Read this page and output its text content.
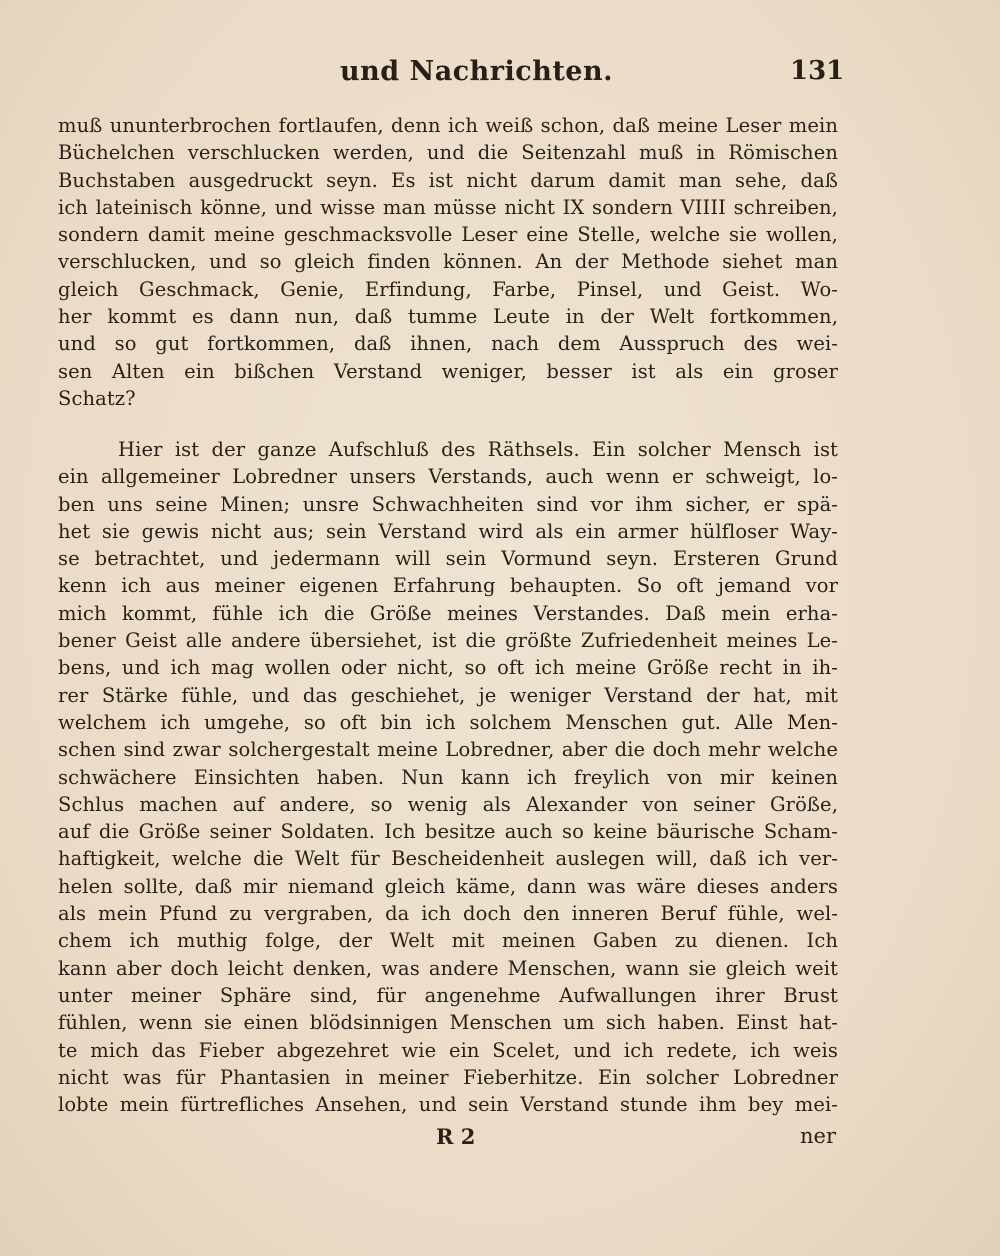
und Nachrichten.	131
muß ununterbrochen fortlaufen, denn ich weiß schon, daß meine Leser mein
Büchelchen verschlucken werden, und die Seitenzahl muß in Römischen
Buchstaben ausgedruckt seyn. Es ist nicht darum damit man sehe, daß
ich lateinisch könne, und wisse man müsse nicht IX sondern VIIII schreiben,
sondern damit meine geschmacksvolle Leser eine Stelle, welche sie wollen,
verschlucken, und so gleich finden können. An der Methode siehet man
gleich Geschmack, Genie, Erfindung, Farbe, Pinsel, und Geist. Wo-
her kommt es dann nun, daß tumme Leute in der Welt fortkommen,
und so gut fortkommen, daß ihnen, nach dem Ausspruch des wei-
sen Alten ein bißchen Verstand weniger, besser ist als ein groser
Schatz?
Hier ist der ganze Aufschluß des Räthsels. Ein solcher Mensch ist
ein allgemeiner Lobredner unsers Verstands, auch wenn er schweigt, lo-
ben uns seine Minen; unsre Schwachheiten sind vor ihm sicher, er spä-
het sie gewis nicht aus; sein Verstand wird als ein armer hülfloser Way-
se betrachtet, und jedermann will sein Vormund seyn. Ersteren Grund
kenn ich aus meiner eigenen Erfahrung behaupten. So oft jemand vor
mich kommt, fühle ich die Größe meines Verstandes. Daß mein erha-
bener Geist alle andere übersiehet, ist die größte Zufriedenheit meines Le-
bens, und ich mag wollen oder nicht, so oft ich meine Größe recht in ih-
rer Stärke fühle, und das geschiehet, je weniger Verstand der hat, mit
welchem ich umgehe, so oft bin ich solchem Menschen gut. Alle Men-
schen sind zwar solchergestalt meine Lobredner, aber die doch mehr welche
schwächere Einsichten haben. Nun kann ich freylich von mir keinen
Schlus machen auf andere, so wenig als Alexander von seiner Größe,
auf die Größe seiner Soldaten. Ich besitze auch so keine bäurische Scham-
haftigkeit, welche die Welt für Bescheidenheit auslegen will, daß ich ver-
helen sollte, daß mir niemand gleich käme, dann was wäre dieses anders
als mein Pfund zu vergraben, da ich doch den inneren Beruf fühle, wel-
chem ich muthig folge, der Welt mit meinen Gaben zu dienen. Ich
kann aber doch leicht denken, was andere Menschen, wann sie gleich weit
unter meiner Sphäre sind, für angenehme Aufwallungen ihrer Brust
fühlen, wenn sie einen blödsinnigen Menschen um sich haben. Einst hat-
te mich das Fieber abgezehret wie ein Scelet, und ich redete, ich weis
nicht was für Phantasien in meiner Fieberhitze. Ein solcher Lobredner
lobte mein fürtrefliches Ansehen, und sein Verstand stunde ihm bey mei-
R 2	ner
